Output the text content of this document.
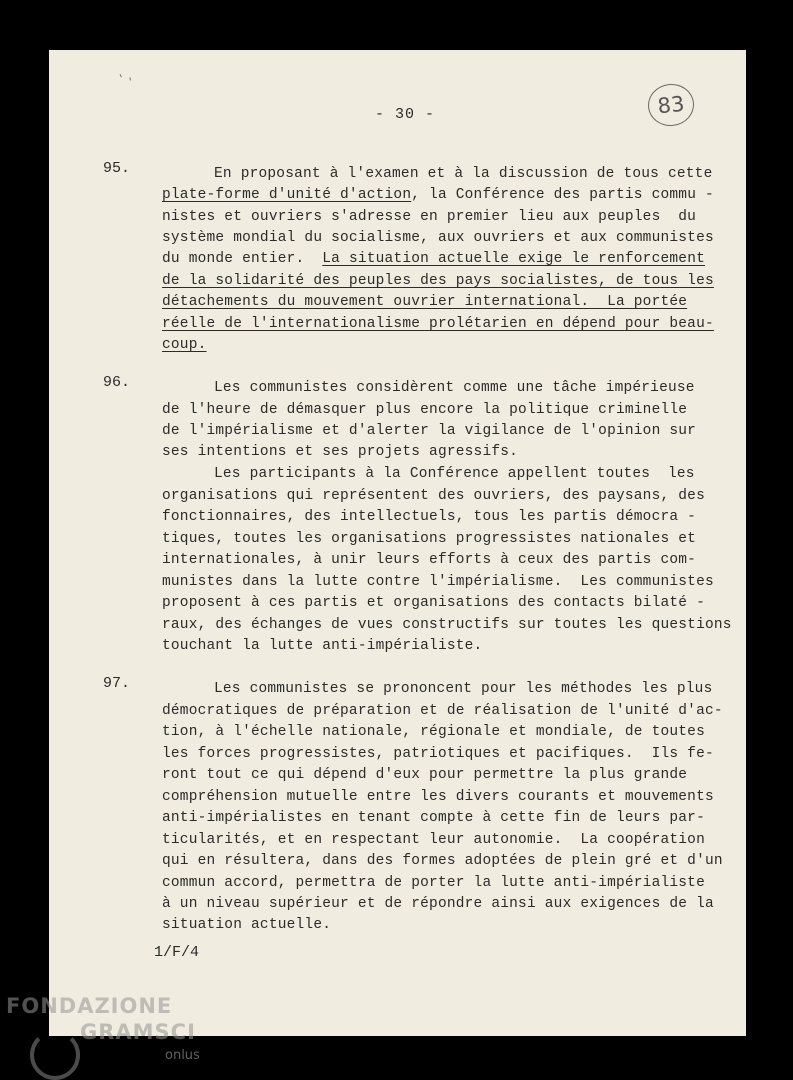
' ,
- 30 -	83
95.	En proposant à l'examen et à la discussion de tous cette
plate-forme d'unité d'action, la Conférence des partis commu -
nistes et ouvriers s'adresse en premier lieu aux peuples  du
système mondial du socialisme, aux ouvriers et aux communistes
du monde entier.  La situation actuelle exige le renforcement
de la solidarité des peuples des pays socialistes, de tous les
détachements du mouvement ouvrier international.  La portée
réelle de l'internationalisme prolétarien en dépend pour beau-
coup.
96.	Les communistes considèrent comme une tâche impérieuse
de l'heure de démasquer plus encore la politique criminelle
de l'impérialisme et d'alerter la vigilance de l'opinion sur
ses intentions et ses projets agressifs.
Les participants à la Conférence appellent toutes  les
organisations qui représentent des ouvriers, des paysans, des
fonctionnaires, des intellectuels, tous les partis démocra -
tiques, toutes les organisations progressistes nationales et
internationales, à unir leurs efforts à ceux des partis com-
munistes dans la lutte contre l'impérialisme.  Les communistes
proposent à ces partis et organisations des contacts bilaté -
raux, des échanges de vues constructifs sur toutes les questions
touchant la lutte anti-impérialiste.
97.	Les communistes se prononcent pour les méthodes les plus
démocratiques de préparation et de réalisation de l'unité d'ac-
tion, à l'échelle nationale, régionale et mondiale, de toutes
les forces progressistes, patriotiques et pacifiques.  Ils fe-
ront tout ce qui dépend d'eux pour permettre la plus grande
compréhension mutuelle entre les divers courants et mouvements
anti-impérialistes en tenant compte à cette fin de leurs par-
ticularités, et en respectant leur autonomie.  La coopération
qui en résultera, dans des formes adoptées de plein gré et d'un
commun accord, permettra de porter la lutte anti-impérialiste
à un niveau supérieur et de répondre ainsi aux exigences de la
situation actuelle.
1/F/4
FONDAZIONE
GRAMSCI
onlus
